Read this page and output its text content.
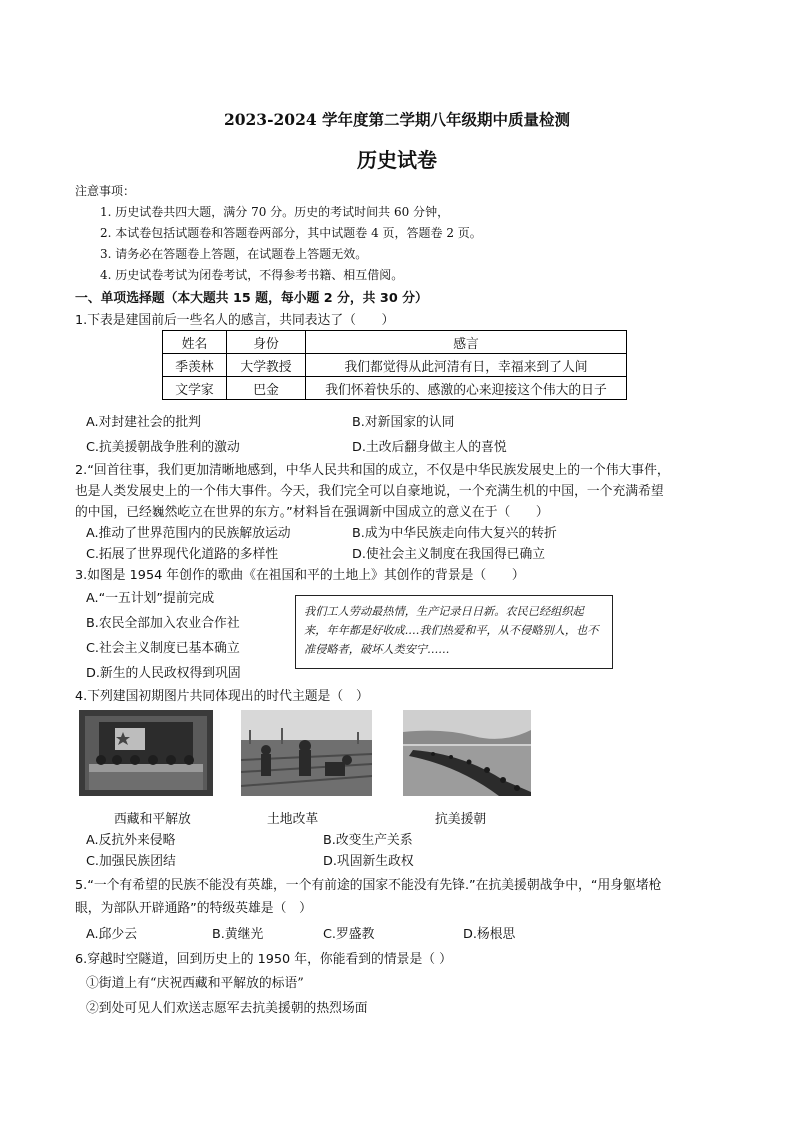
2023-2024 学年度第二学期八年级期中质量检测
历史试卷
注意事项：
1. 历史试卷共四大题，满分 70 分。历史的考试时间共 60 分钟，
2. 本试卷包括试题卷和答题卷两部分，其中试题卷 4 页，答题卷 2 页。
3. 请务必在答题卷上答题，在试题卷上答题无效。
4. 历史试卷考试为闭卷考试，不得参考书籍、相互借阅。
一、单项选择题（本大题共 15 题，每小题 2 分，共 30 分）
1.下表是建国前后一些名人的感言，共同表达了（　　）
姓名	身份	感言
季羡林	大学教授	我们都觉得从此河清有日，幸福来到了人间
文学家	巴金	我们怀着快乐的、感激的心来迎接这个伟大的日子
A.对封建社会的批判	B.对新国家的认同
C.抗美援朝战争胜利的激动	D.土改后翻身做主人的喜悦
2.“回首往事，我们更加清晰地感到，中华人民共和国的成立，不仅是中华民族发展史上的一个伟大事件，
也是人类发展史上的一个伟大事件。今天，我们完全可以自豪地说，一个充满生机的中国，一个充满希望
的中国，已经巍然屹立在世界的东方。”材料旨在强调新中国成立的意义在于（　　）
A.推动了世界范围内的民族解放运动	B.成为中华民族走向伟大复兴的转折
C.拓展了世界现代化道路的多样性	D.使社会主义制度在我国得已确立
3.如图是 1954 年创作的歌曲《在祖国和平的土地上》其创作的背景是（　　）
A.“一五计划”提前完成
B.农民全部加入农业合作社
C.社会主义制度已基本确立
D.新生的人民政权得到巩固
我们工人劳动最热情，生产记录日日新。农民已经组织起来，年年都是好收成.…我们热爱和平，从不侵略别人，也不准侵略者，破坏人类安宁……
4.下列建国初期图片共同体现出的时代主题是（　）
西藏和平解放	土地改革	抗美援朝
A.反抗外来侵略	B.改变生产关系
C.加强民族团结	D.巩固新生政权
5.“一个有希望的民族不能没有英雄，一个有前途的国家不能没有先锋.”在抗美援朝战争中，“用身躯堵枪
眼，为部队开辟通路”的特级英雄是（　）
A.邱少云	B.黄继光	C.罗盛教	D.杨根思
6.穿越时空隧道，回到历史上的 1950 年，你能看到的情景是（ ）
①街道上有“庆祝西藏和平解放的标语”
②到处可见人们欢送志愿军去抗美援朝的热烈场面
